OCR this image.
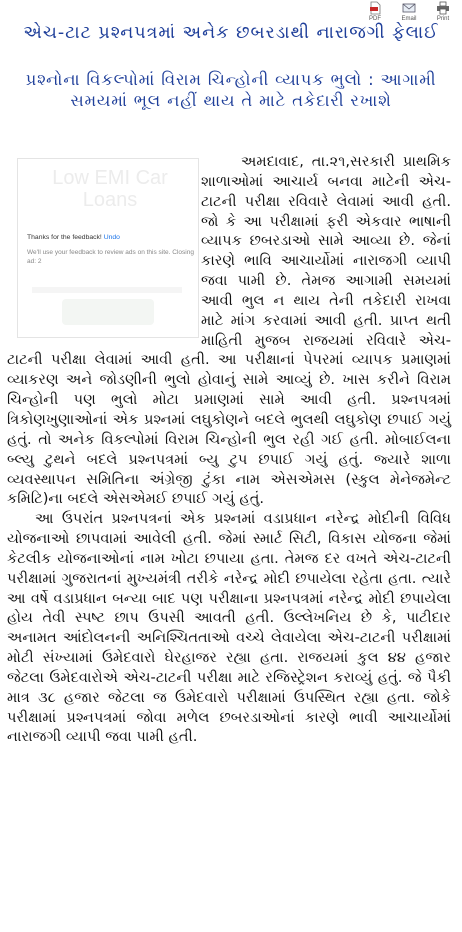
PDF	Email	Print
એચ-ટાટ પ્રશ્નપત્રમાં અનેક છબરડાથી નારાજગી ફેલાઈ
પ્રશ્નોના વિકલ્પોમાં વિરામ ચિન્હોની વ્યાપક ભુલો : આગામી સમયમાં ભૂલ નહીં થાય તે માટે તકેદારી રખાશે
Low EMI Car Loans
Thanks for the feedback! Undo
We'll use your feedback to review ads on this site. Closing ad: 2

અમદાવાદ, તા.૨૧,સરકારી પ્રાથમિક શાળાઓમાં આચાર્ય બનવા માટેની એચ-ટાટની પરીક્ષા રવિવારે લેવામાં આવી હતી. જો કે આ પરીક્ષામાં ફરી એકવાર ભાષાની વ્યાપક છબરડાઓ સામે આવ્યા છે. જેનાં કારણે ભાવિ આચાર્યોમાં નારાજગી વ્યાપી જવા પામી છે. તેમજ આગામી સમયમાં આવી ભુલ ન થાય તેની તકેદારી રાખવા માટે માંગ કરવામાં આવી હતી. પ્રાપ્ત થતી માહિતી મુજબ રાજયમાં રવિવારે એચ-ટાટની પરીક્ષા લેવામાં આવી હતી. આ પરીક્ષાનાં પેપરમાં વ્યાપક પ્રમાણમાં વ્યાકરણ અને જોડણીની ભુલો હોવાનું સામે આવ્યું છે. ખાસ કરીને વિરામ ચિન્હોની પણ ભુલો મોટા પ્રમાણમાં સામે આવી હતી. પ્રશ્નપત્રમાં ત્રિકોણખુણાઓનાં એક પ્રશ્નમાં લઘુકોણને બદલે ભુલથી લઘુકોણ છપાઈ ગયું હતું. તો અનેક વિકલ્પોમાં વિરામ ચિન્હોની ભુલ રહી ગઈ હતી. મોબાઈલના બ્લ્યુ ટુથને બદલે પ્રશ્નપત્રમાં બ્યુ ટુપ છપાઈ ગયું હતું. જ્યારે શાળા વ્યવસ્થાપન સમિતિના અંગ્રેજી ટુંકા નામ એસએમસ (સ્કુલ મેનેજમેન્ટ કમિટિ)ના બદલે એસએમઈ છપાઈ ગયું હતું.

આ ઉપરાંત પ્રશ્નપત્રનાં એક પ્રશ્નમાં વડાપ્રધાન નરેન્દ્ર મોદીની વિવિધ યોજનાઓ છાપવામાં આવેલી હતી. જેમાં સ્માર્ટ સિટી, વિકાસ યોજના જેમાં કેટલીક યોજનાઓનાં નામ ખોટા છપાયા હતા. તેમજ દર વખતે એચ-ટાટની પરીક્ષામાં ગુજરાતનાં મુખ્યમંત્રી તરીકે નરેન્દ્ર મોદી છપાયેલા રહેતા હતા. ત્યારે આ વર્ષે વડાપ્રધાન બન્યા બાદ પણ પરીક્ષાના પ્રશ્નપત્રમાં નરેન્દ્ર મોદી છપાયેલા હોય તેવી સ્પષ્ટ છાપ ઉપસી આવતી હતી. ઉલ્લેખનિય છે કે, પાટીદાર અનામત આંદોલનની અનિશ્ચિતતાઓ વચ્ચે લેવાયેલા એચ-ટાટની પરીક્ષામાં મોટી સંખ્યામાં ઉમેદવારો ઘેરહાજર રહ્યા હતા. રાજયમાં કુલ ૪૪ હજાર જેટલા ઉમેદવારોએ એચ-ટાટની પરીક્ષા માટે રજિસ્ટ્રેશન કરાવ્યું હતું. જે પૈકી માત્ર ૩૮ હજાર જેટલા જ ઉમેદવારો પરીક્ષામાં ઉપસ્થિત રહ્યા હતા. જોકે પરીક્ષામાં પ્રશ્નપત્રમાં જોવા મળેલ છબરડાઓનાં કારણે ભાવી આચાર્યોમાં નારાજગી વ્યાપી જવા પામી હતી.
